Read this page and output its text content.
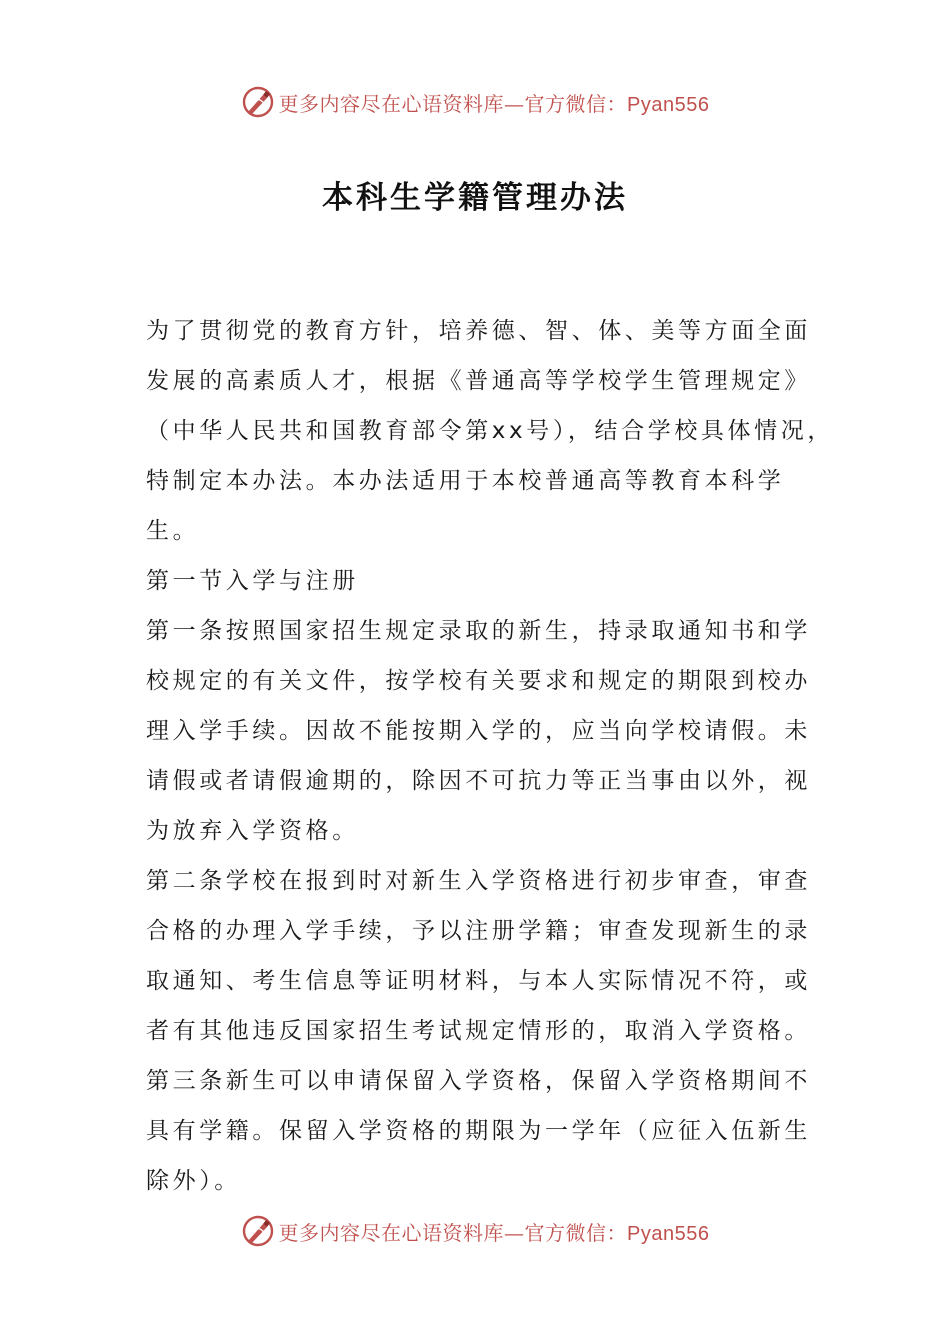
更多内容尽在心语资料库—官方微信：Pyan556
本科生学籍管理办法

为了贯彻党的教育方针，培养德、智、体、美等方面全面发展的高素质人才，根据《普通高等学校学生管理规定》（中华人民共和国教育部令第xx号），结合学校具体情况，特制定本办法。本办法适用于本校普通高等教育本科学生。

第一节入学与注册

第一条按照国家招生规定录取的新生，持录取通知书和学校规定的有关文件，按学校有关要求和规定的期限到校办理入学手续。因故不能按期入学的，应当向学校请假。未请假或者请假逾期的，除因不可抗力等正当事由以外，视为放弃入学资格。

第二条学校在报到时对新生入学资格进行初步审查，审查合格的办理入学手续，予以注册学籍；审查发现新生的录取通知、考生信息等证明材料，与本人实际情况不符，或者有其他违反国家招生考试规定情形的，取消入学资格。

第三条新生可以申请保留入学资格，保留入学资格期间不具有学籍。保留入学资格的期限为一学年（应征入伍新生除外）。

更多内容尽在心语资料库—官方微信：Pyan556
